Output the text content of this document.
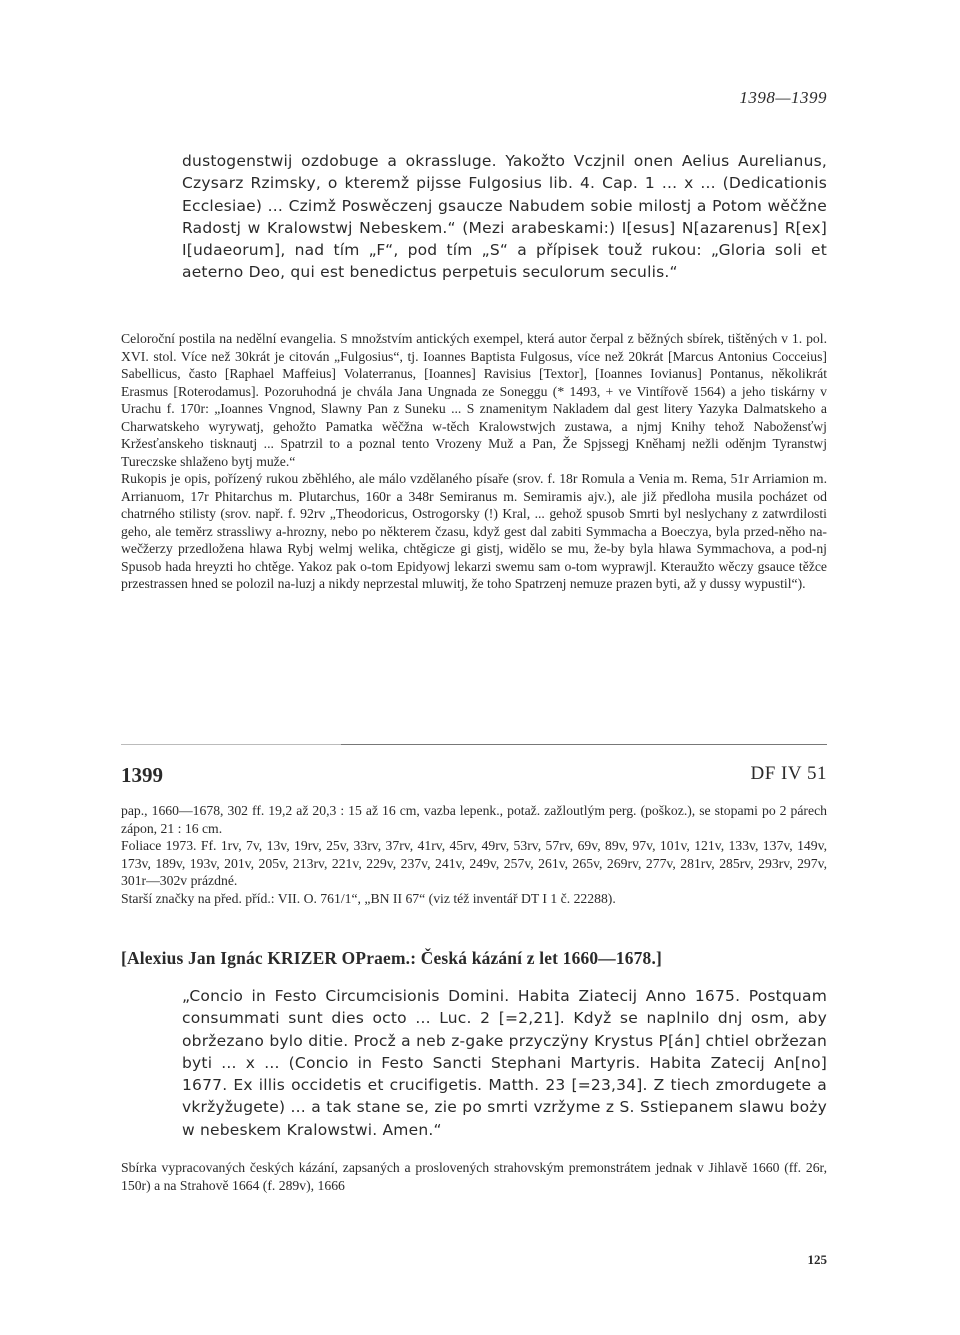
1398—1399

dustogenstwij ozdobuge a okrassluge. Yakožto Vczjnil onen Aelius Aurelianus, Czysarz Rzimsky, o kteremž pijsse Fulgosius lib. 4. Cap. 1 ... x ... (Dedicationis Ecclesiae) ... Czimž Poswěczenj gsaucze Nabudem sobie milostj a Potom wěčžne Radostj w Kralowstwj Nebeskem.“ (Mezi arabeskami:) I[esus] N[azarenus] R[ex] I[udaeorum], nad tím „F“, pod tím „S“ a přípisek touž rukou: „Gloria soli et aeterno Deo, qui est benedictus perpetuis seculorum seculis.“

Celoroční postila na nedělní evangelia. S množstvím antických exempel, která autor čerpal z běžných sbírek, tištěných v 1. pol. XVI. stol. Více než 30krát je citován „Fulgosius“, tj. Ioannes Baptista Fulgosus, více než 20krát [Marcus Antonius Cocceius] Sabellicus, často [Raphael Maffeius] Volaterranus, [Ioannes] Ravisius [Textor], [Ioannes Iovianus] Pontanus, několikrát Erasmus [Roterodamus]. Pozoruhodná je chvála Jana Ungnada ze Soneggu (* 1493, + ve Vintířově 1564) a jeho tiskárny v Urachu f. 170r: „Ioannes Vngnod, Slawny Pan z Suneku ... S znamenitym Nakladem dal gest litery Yazyka Dalmatskeho a Charwatskeho wyrywatj, gehožto Pamatka wěčžna w-těch Kralowstwjch zustawa, a njmj Knihy tehož Nabožensťwj Kržesťanskeho tisknautj ... Spatrzil to a poznal tento Vrozeny Muž a Pan, Že Spjssegj Kněhamj nežli oděnjm Tyranstwj Tureczske shlaženo bytj muže.“

Rukopis je opis, pořízený rukou zběhlého, ale málo vzdělaného písaře (srov. f. 18r Romula a Venia m. Rema, 51r Arriamion m. Arrianuom, 17r Phitarchus m. Plutarchus, 160r a 348r Semiranus m. Semiramis ajv.), ale již předloha musila pocházet od chatrného stilisty (srov. např. f. 92rv „Theodoricus, Ostrogorsky (!) Kral, ... gehož spusob Smrti byl neslychany z zatwrdilosti geho, ale temĕrz strassliwy a-hrozny, nebo po některem čzasu, když gest dal zabiti Symmacha a Boeczya, byla przed-něho na-wečžerzy przedložena hlawa Rybj welmj welika, chtěgicze gi gistj, widělo se mu, že-by byla hlawa Symmachova, a pod-nj Spusob hada hreyzti ho chtěge. Yakoz pak o-tom Epidyowj lekarzi swemu sam o-tom wyprawjl. Kteraužto wěczy gsauce těžce przestrassen hned se polozil na-luzj a nikdy neprzestal mluwitj, že toho Spatrzenj nemuze prazen byti, až y dussy wypustil“).

1399	DF IV 51

pap., 1660—1678, 302 ff. 19,2 až 20,3 : 15 až 16 cm, vazba lepenk., potaž. zažloutlým perg. (poškoz.), se stopami po 2 párech zápon, 21 : 16 cm.

Foliace 1973. Ff. 1rv, 7v, 13v, 19rv, 25v, 33rv, 37rv, 41rv, 45rv, 49rv, 53rv, 57rv, 69v, 89v, 97v, 101v, 121v, 133v, 137v, 149v, 173v, 189v, 193v, 201v, 205v, 213rv, 221v, 229v, 237v, 241v, 249v, 257v, 261v, 265v, 269rv, 277v, 281rv, 285rv, 293rv, 297v, 301r—302v prázdné.

Starší značky na před. příd.: VII. O. 761/1“, „BN II 67“ (viz též inventář DT I 1 č. 22288).

[Alexius Jan Ignác KRIZER OPraem.: Česká kázání z let 1660—1678.]

„Concio in Festo Circumcisionis Domini. Habita Ziatecij Anno 1675. Postquam consummati sunt dies octo ... Luc. 2 [=2,21]. Když se naplnilo dnj osm, aby obržezano bylo ditie. Procž a neb z-gake przyczÿny Krystus P[án] chtiel obržezan byti ... x ... (Concio in Festo Sancti Stephani Martyris. Habita Zatecij An[no] 1677. Ex illis occidetis et crucifigetis. Matth. 23 [=23,34]. Z tiech zmordugete a vkržyžugete) ... a tak stane se, zie po smrti vzržyme z S. Sstiepanem slawu boży w nebeskem Kralowstwi. Amen.“

Sbírka vypracovaných českých kázání, zapsaných a proslovených strahovským premonstrátem jednak v Jihlavě 1660 (ff. 26r, 150r) a na Strahově 1664 (f. 289v), 1666

125
